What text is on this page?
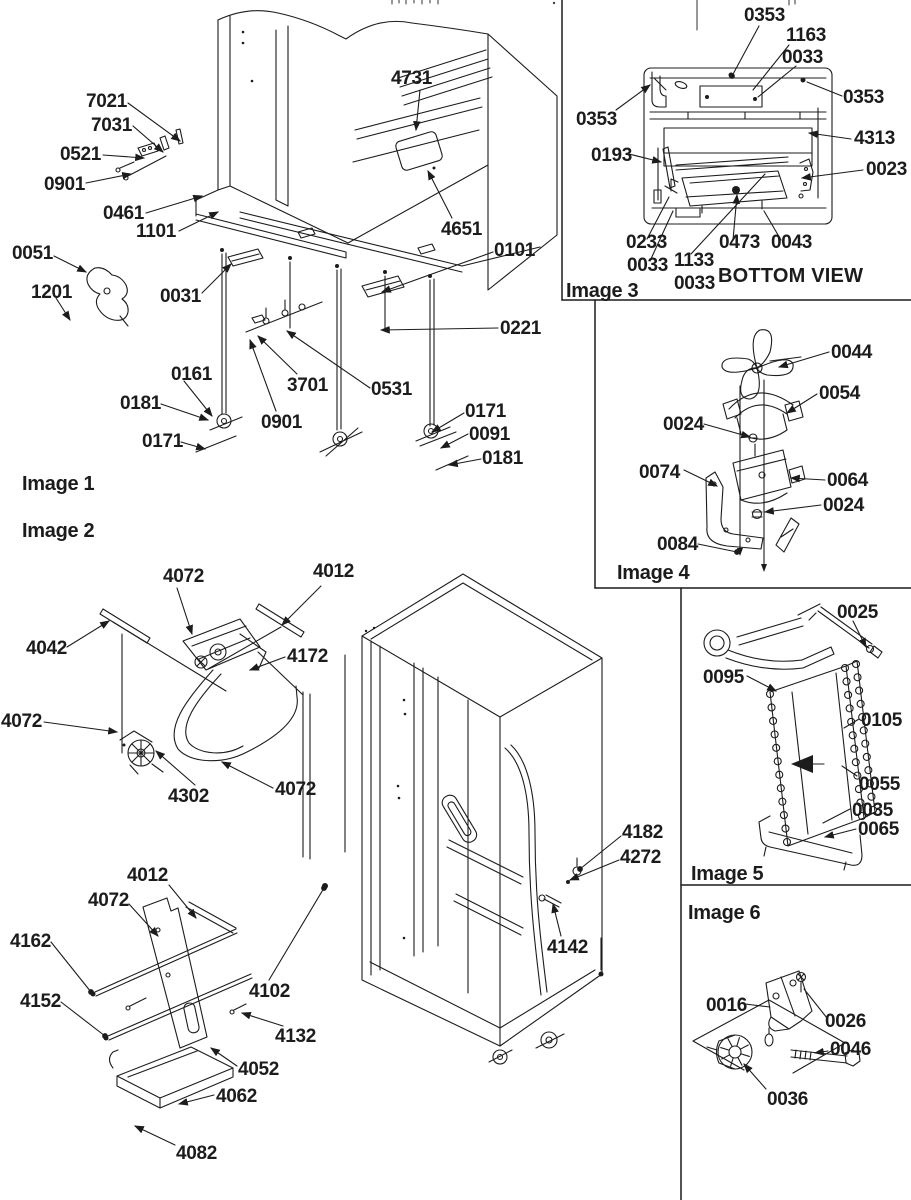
7021
7031
0521
0901
0461
1101
0051
1201	0031
4731
4651
0101
0221
0161
0181
0171
0901
3701 0531
0171
0091
0181
Image 1
Image 2
4072	4012
4042	4172
4072
4302	4072
4012
4072
4162
4152	4102
4132
4052
4062
4082
4182
4272
4142
0353
1163
0033
0353
4313
0353
0193
0023
0233
0033 1133
0473 0043
0033 BOTTOM VIEW
Image 3
0044
0054
0024
0074	0064
0024
0084
Image 4
0025
0095
0105
0055
0035
0065
Image 5
Image 6
0016
0026
0046
0036
